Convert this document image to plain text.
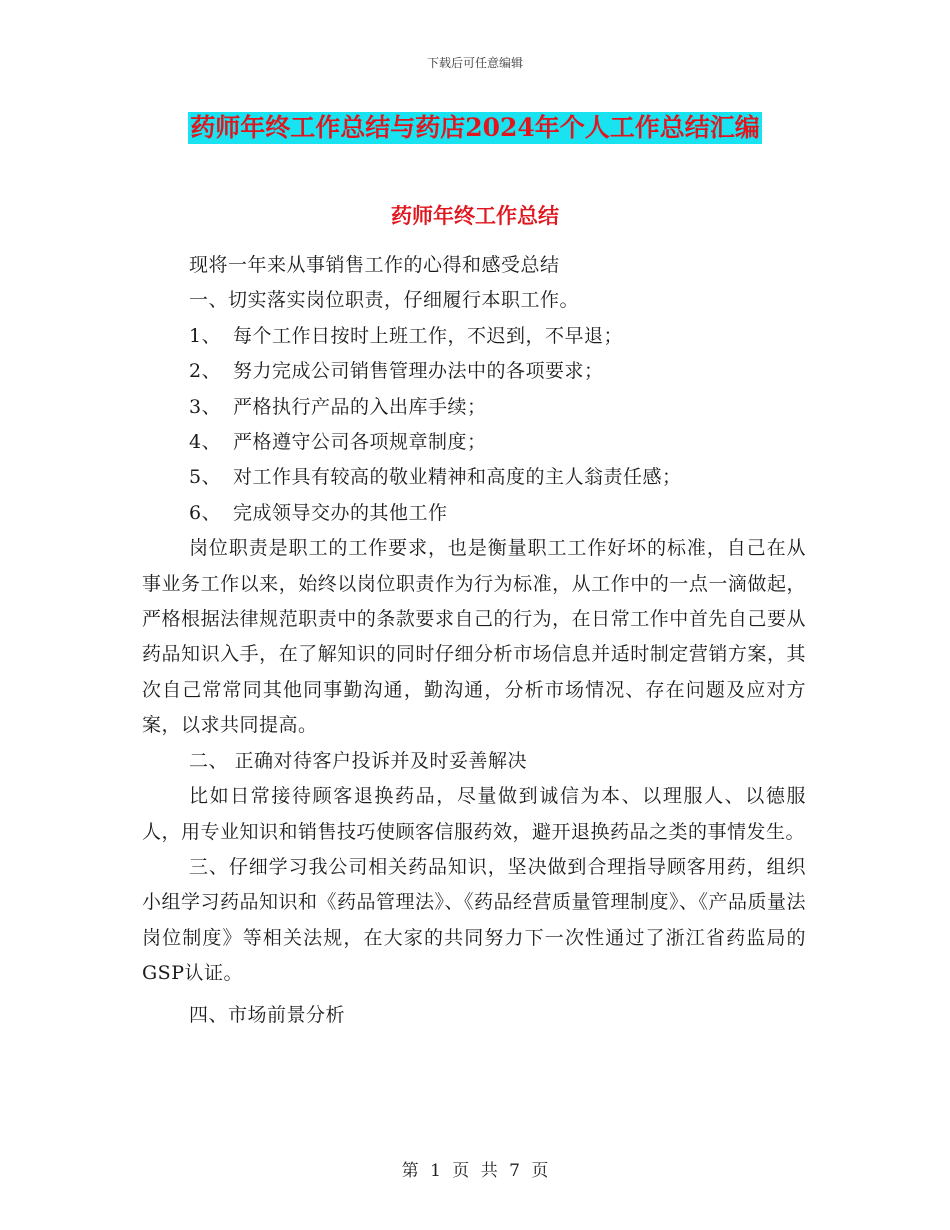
下载后可任意编辑
药师年终工作总结与药店2024年个人工作总结汇编
药师年终工作总结

现将一年来从事销售工作的心得和感受总结

一、切实落实岗位职责，仔细履行本职工作。

1、 每个工作日按时上班工作，不迟到，不早退；

2、 努力完成公司销售管理办法中的各项要求；

3、 严格执行产品的入出库手续；

4、 严格遵守公司各项规章制度；

5、 对工作具有较高的敬业精神和高度的主人翁责任感；

6、 完成领导交办的其他工作

岗位职责是职工的工作要求，也是衡量职工工作好坏的标准，自己在从事业务工作以来，始终以岗位职责作为行为标准，从工作中的一点一滴做起，严格根据法律规范职责中的条款要求自己的行为，在日常工作中首先自己要从药品知识入手，在了解知识的同时仔细分析市场信息并适时制定营销方案，其次自己常常同其他同事勤沟通，勤沟通，分析市场情况、存在问题及应对方案，以求共同提高。

二、 正确对待客户投诉并及时妥善解决

比如日常接待顾客退换药品，尽量做到诚信为本、以理服人、以德服人，用专业知识和销售技巧使顾客信服药效，避开退换药品之类的事情发生。

三、仔细学习我公司相关药品知识，坚决做到合理指导顾客用药，组织小组学习药品知识和《药品管理法》、《药品经营质量管理制度》、《产品质量法岗位制度》等相关法规，在大家的共同努力下一次性通过了浙江省药监局的GSP认证。

四、市场前景分析

第 1 页 共 7 页
